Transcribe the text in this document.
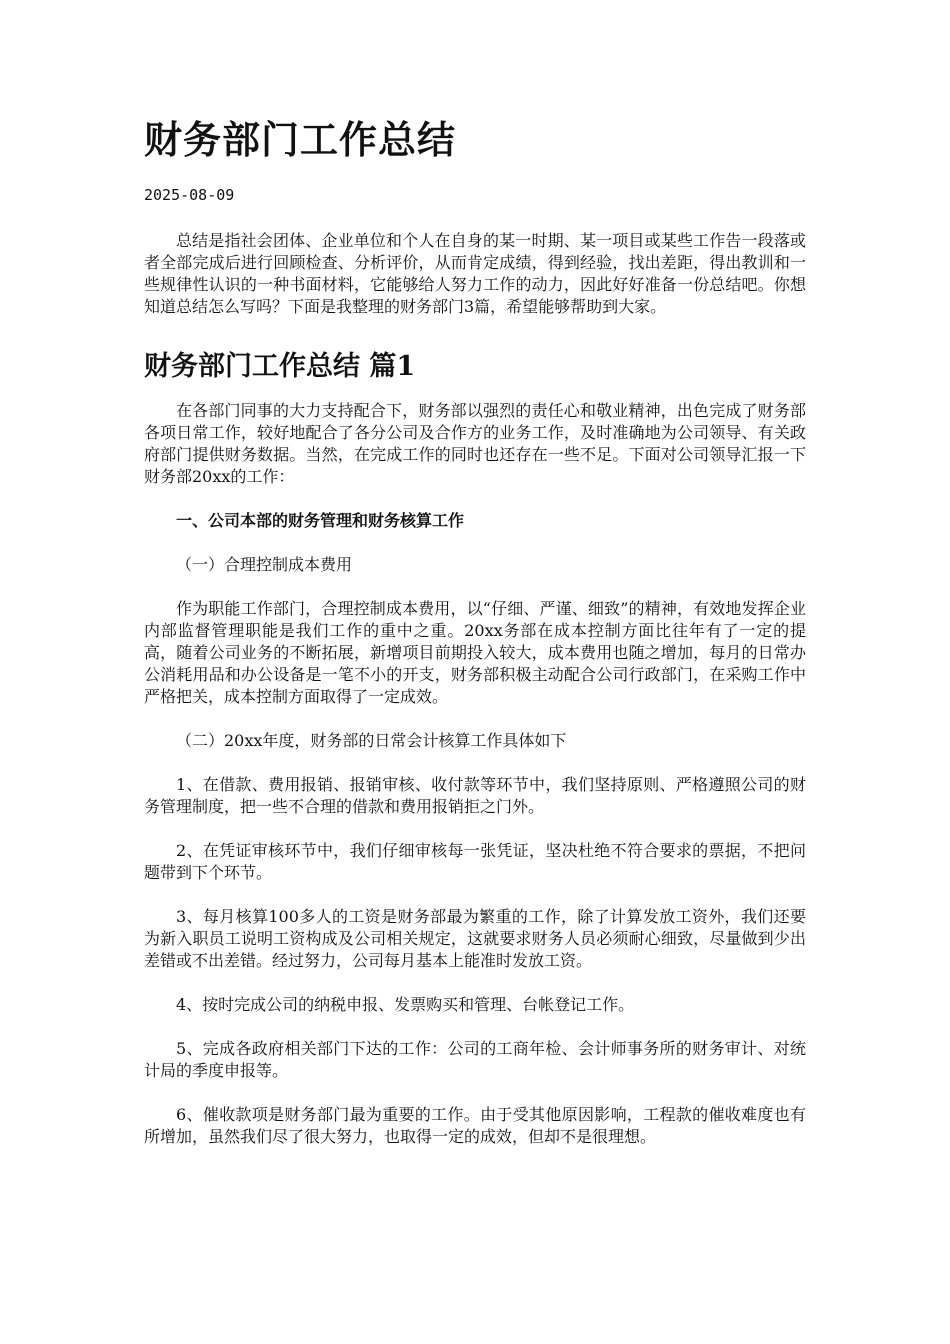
财务部门工作总结
2025-08-09

总结是指社会团体、企业单位和个人在自身的某一时期、某一项目或某些工作告一段落或者全部完成后进行回顾检查、分析评价，从而肯定成绩，得到经验，找出差距，得出教训和一些规律性认识的一种书面材料，它能够给人努力工作的动力，因此好好准备一份总结吧。你想知道总结怎么写吗？下面是我整理的财务部门3篇，希望能够帮助到大家。

财务部门工作总结 篇1

在各部门同事的大力支持配合下，财务部以强烈的责任心和敬业精神，出色完成了财务部各项日常工作，较好地配合了各分公司及合作方的业务工作，及时准确地为公司领导、有关政府部门提供财务数据。当然，在完成工作的同时也还存在一些不足。下面对公司领导汇报一下财务部20xx的工作：

一、公司本部的财务管理和财务核算工作

（一）合理控制成本费用

作为职能工作部门，合理控制成本费用，以“仔细、严谨、细致”的精神，有效地发挥企业内部监督管理职能是我们工作的重中之重。20xx务部在成本控制方面比往年有了一定的提高，随着公司业务的不断拓展，新增项目前期投入较大，成本费用也随之增加，每月的日常办公消耗用品和办公设备是一笔不小的开支，财务部积极主动配合公司行政部门，在采购工作中严格把关，成本控制方面取得了一定成效。

（二）20xx年度，财务部的日常会计核算工作具体如下

1、在借款、费用报销、报销审核、收付款等环节中，我们坚持原则、严格遵照公司的财务管理制度，把一些不合理的借款和费用报销拒之门外。

2、在凭证审核环节中，我们仔细审核每一张凭证，坚决杜绝不符合要求的票据，不把问题带到下个环节。

3、每月核算100多人的工资是财务部最为繁重的工作，除了计算发放工资外，我们还要为新入职员工说明工资构成及公司相关规定，这就要求财务人员必须耐心细致，尽量做到少出差错或不出差错。经过努力，公司每月基本上能准时发放工资。

4、按时完成公司的纳税申报、发票购买和管理、台帐登记工作。

5、完成各政府相关部门下达的工作：公司的工商年检、会计师事务所的财务审计、对统计局的季度申报等。

6、催收款项是财务部门最为重要的工作。由于受其他原因影响，工程款的催收难度也有所增加，虽然我们尽了很大努力，也取得一定的成效，但却不是很理想。
